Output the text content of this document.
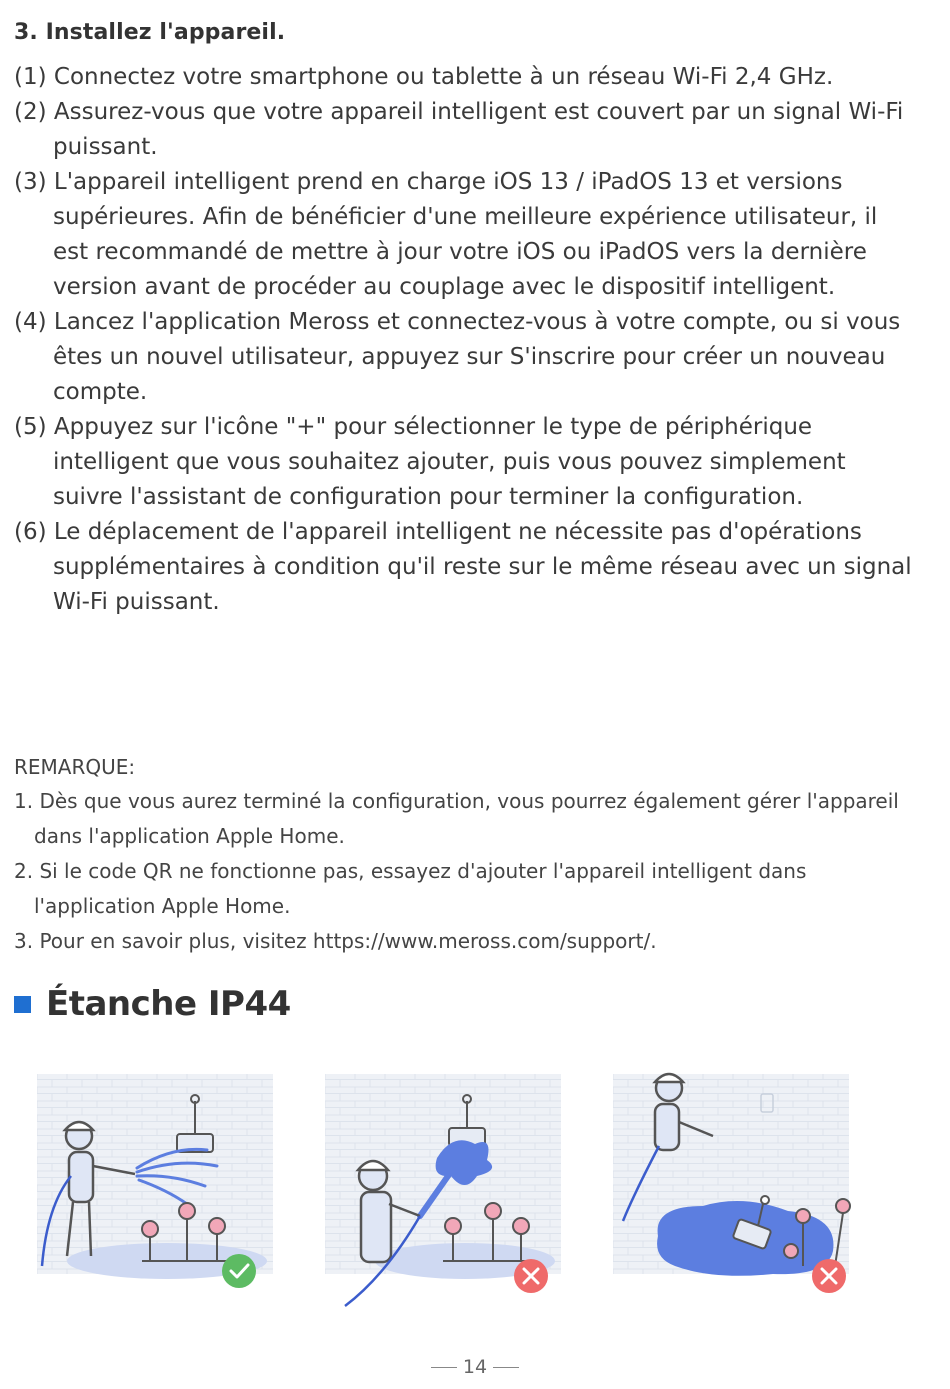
3. Installez l'appareil.

(1) Connectez votre smartphone ou tablette à un réseau Wi-Fi 2,4 GHz.

(2) Assurez-vous que votre appareil intelligent est couvert par un signal Wi-Fi puissant.

(3) L'appareil intelligent prend en charge iOS 13 / iPadOS 13 et versions supérieures. Afin de bénéficier d'une meilleure expérience utilisateur, il est recommandé de mettre à jour votre iOS ou iPadOS vers la dernière version avant de procéder au couplage avec le dispositif intelligent.

(4) Lancez l'application Meross et connectez-vous à votre compte, ou si vous êtes un nouvel utilisateur, appuyez sur S'inscrire pour créer un nouveau compte.

(5) Appuyez sur l'icône "+" pour sélectionner le type de périphérique intelligent que vous souhaitez ajouter, puis vous pouvez simplement suivre l'assistant de configuration pour terminer la configuration.

(6) Le déplacement de l'appareil intelligent ne nécessite pas d'opérations supplémentaires à condition qu'il reste sur le même réseau avec un signal Wi-Fi puissant.

REMARQUE:

1. Dès que vous aurez terminé la configuration, vous pourrez également gérer l'appareil dans l'application Apple Home.

2. Si le code QR ne fonctionne pas, essayez d'ajouter l'appareil intelligent dans l'application Apple Home.

3. Pour en savoir plus, visitez https://www.meross.com/support/.

Étanche IP44
14
